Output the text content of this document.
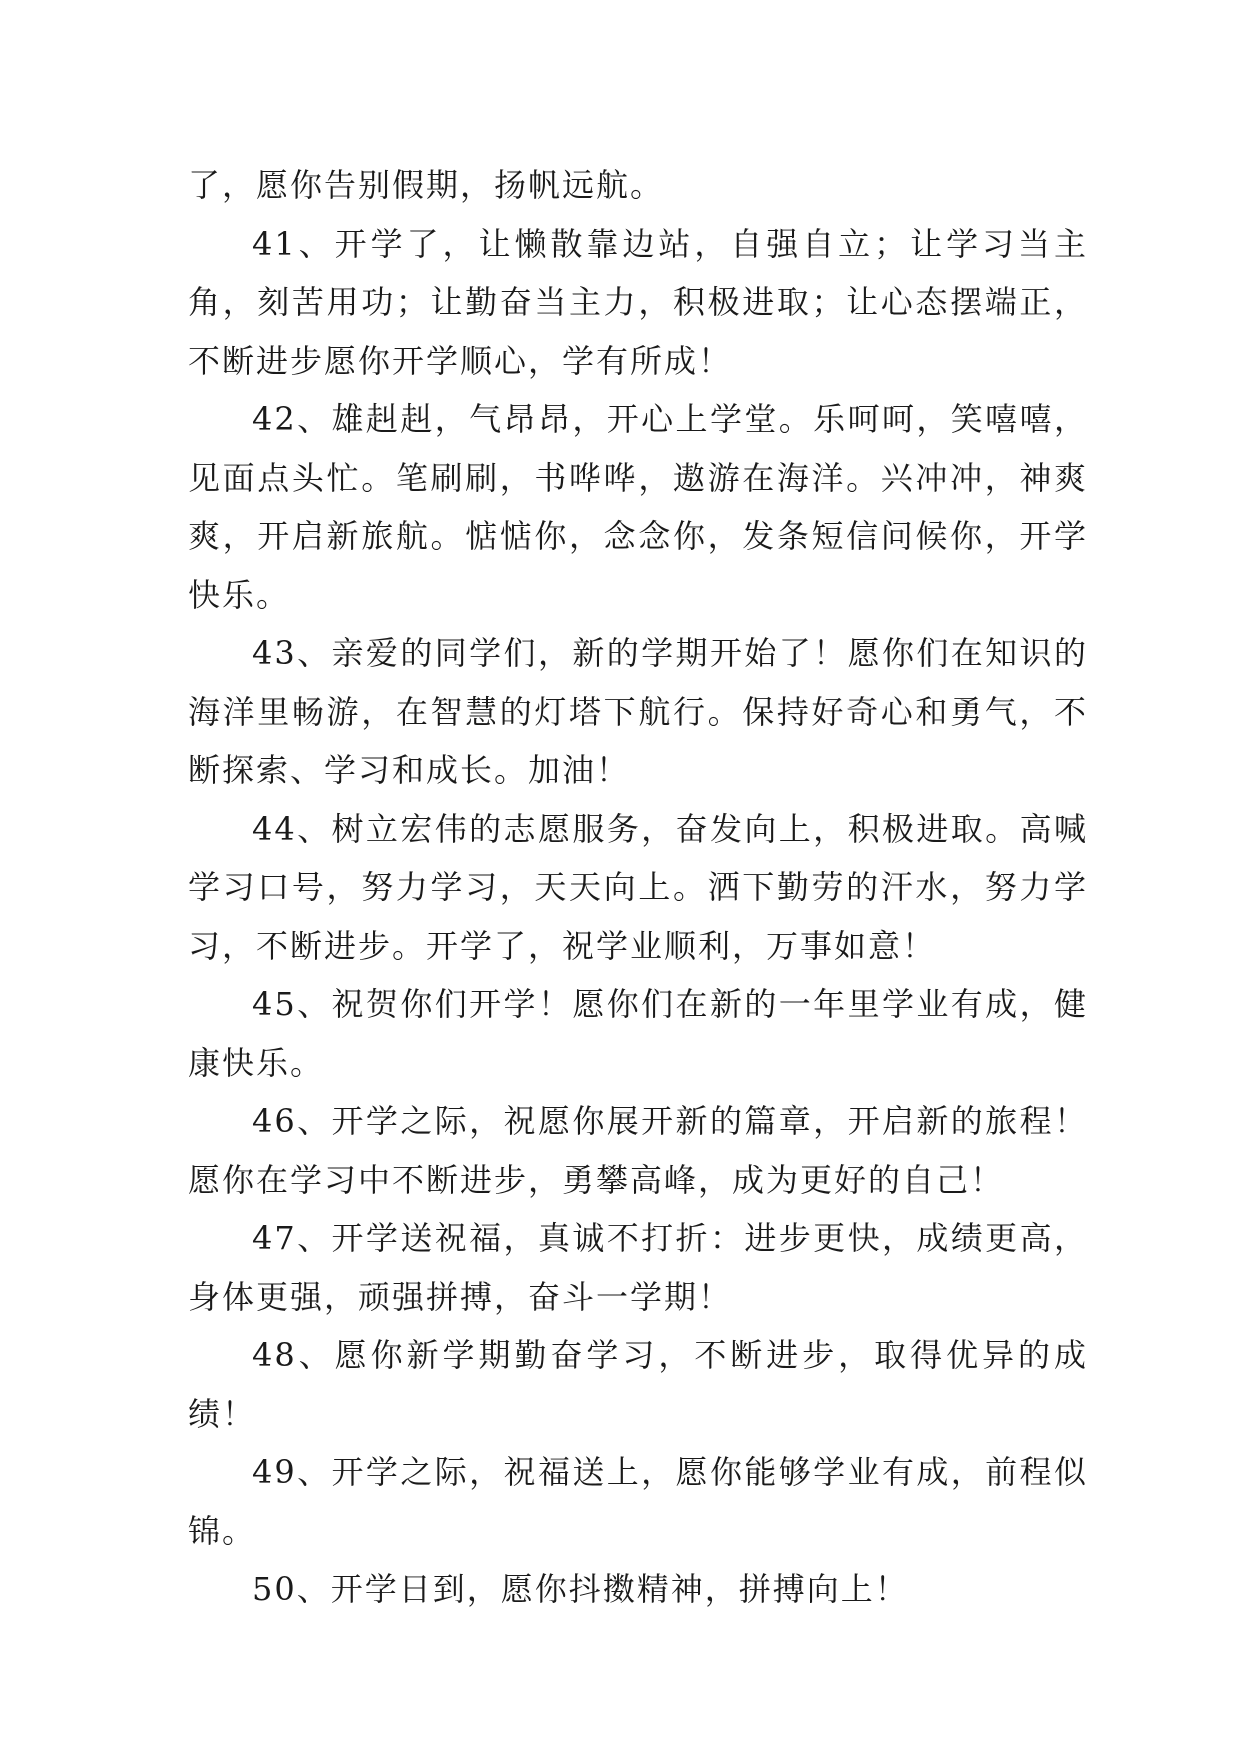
了，愿你告别假期，扬帆远航。

41、开学了，让懒散靠边站，自强自立；让学习当主角，刻苦用功；让勤奋当主力，积极进取；让心态摆端正，不断进步愿你开学顺心，学有所成！

42、雄赳赳，气昂昂，开心上学堂。乐呵呵，笑嘻嘻，见面点头忙。笔刷刷，书哗哗，遨游在海洋。兴冲冲，神爽爽，开启新旅航。惦惦你，念念你，发条短信问候你，开学快乐。

43、亲爱的同学们，新的学期开始了！愿你们在知识的海洋里畅游，在智慧的灯塔下航行。保持好奇心和勇气，不断探索、学习和成长。加油！

44、树立宏伟的志愿服务，奋发向上，积极进取。高喊学习口号，努力学习，天天向上。洒下勤劳的汗水，努力学习，不断进步。开学了，祝学业顺利，万事如意！

45、祝贺你们开学！愿你们在新的一年里学业有成，健康快乐。

46、开学之际，祝愿你展开新的篇章，开启新的旅程！愿你在学习中不断进步，勇攀高峰，成为更好的自己！

47、开学送祝福，真诚不打折：进步更快，成绩更高，身体更强，顽强拼搏，奋斗一学期！

48、愿你新学期勤奋学习，不断进步，取得优异的成绩！

49、开学之际，祝福送上，愿你能够学业有成，前程似锦。

50、开学日到，愿你抖擞精神，拼搏向上！
